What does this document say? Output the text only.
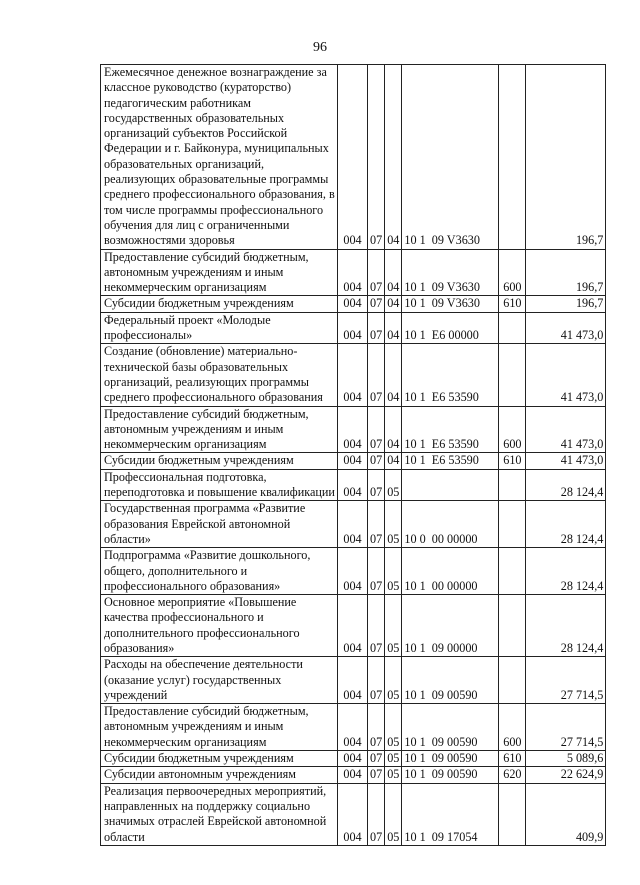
96
Ежемесячное денежное вознаграждение за классное руководство (кураторство) педагогическим работникам государственных образовательных организаций субъектов Российской Федерации и г. Байконура, муниципальных образовательных организаций, реализующих образовательные программы среднего профессионального образования, в том числе программы профессионального обучения для лиц с ограниченными возможностями здоровья	004	07	04	10 1  09 V3630		196,7
Предоставление субсидий бюджетным, автономным учреждениям и иным некоммерческим организациям	004	07	04	10 1  09 V3630	600	196,7
Субсидии бюджетным учреждениям	004	07	04	10 1  09 V3630	610	196,7
Федеральный проект «Молодые профессионалы»	004	07	04	10 1  E6 00000		41 473,0
Создание (обновление) материально-технической базы образовательных организаций, реализующих программы среднего профессионального образования	004	07	04	10 1  E6 53590		41 473,0
Предоставление субсидий бюджетным, автономным учреждениям и иным некоммерческим организациям	004	07	04	10 1  E6 53590	600	41 473,0
Субсидии бюджетным учреждениям	004	07	04	10 1  E6 53590	610	41 473,0
Профессиональная подготовка, переподготовка и повышение квалификации	004	07	05			28 124,4
Государственная программа «Развитие образования Еврейской автономной области»	004	07	05	10 0  00 00000		28 124,4
Подпрограмма «Развитие дошкольного, общего, дополнительного и профессионального образования»	004	07	05	10 1  00 00000		28 124,4
Основное мероприятие «Повышение качества профессионального и дополнительного профессионального образования»	004	07	05	10 1  09 00000		28 124,4
Расходы на обеспечение деятельности (оказание услуг) государственных учреждений	004	07	05	10 1  09 00590		27 714,5
Предоставление субсидий бюджетным, автономным учреждениям и иным некоммерческим организациям	004	07	05	10 1  09 00590	600	27 714,5
Субсидии бюджетным учреждениям	004	07	05	10 1  09 00590	610	5 089,6
Субсидии автономным учреждениям	004	07	05	10 1  09 00590	620	22 624,9
Реализация первоочередных мероприятий, направленных на поддержку социально значимых отраслей Еврейской автономной области	004	07	05	10 1  09 17054		409,9
